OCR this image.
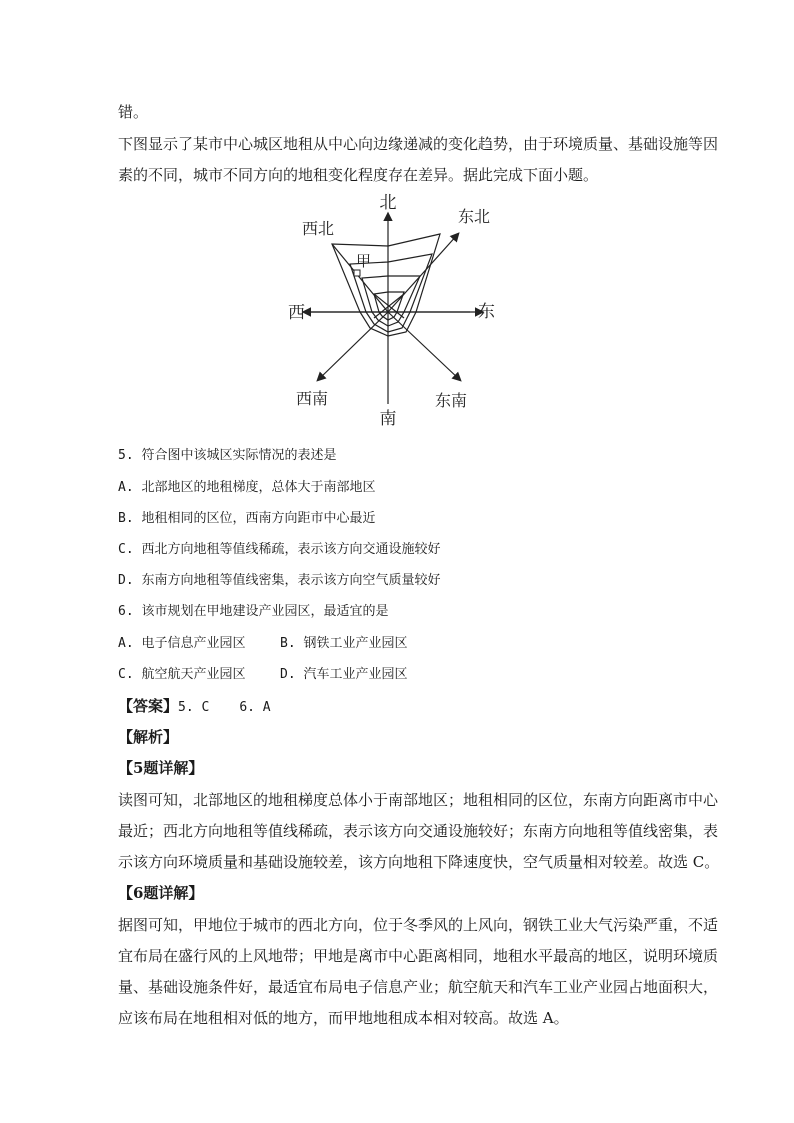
错。
下图显示了某市中心城区地租从中心向边缘递减的变化趋势，由于环境质量、基础设施等因
素的不同，城市不同方向的地租变化程度存在差异。据此完成下面小题。
北
东北
东
东南
南
西南
西
西北
甲
5. 符合图中该城区实际情况的表述是
A. 北部地区的地租梯度，总体大于南部地区
B. 地租相同的区位，西南方向距市中心最近
C. 西北方向地租等值线稀疏，表示该方向交通设施较好
D. 东南方向地租等值线密集，表示该方向空气质量较好
6. 该市规划在甲地建设产业园区，最适宜的是
A. 电子信息产业园区	B. 钢铁工业产业园区
C. 航空航天产业园区	D. 汽车工业产业园区
【答案】5. C 6. A
【解析】
【5题详解】
读图可知，北部地区的地租梯度总体小于南部地区；地租相同的区位，东南方向距离市中心
最近；西北方向地租等值线稀疏，表示该方向交通设施较好；东南方向地租等值线密集，表
示该方向环境质量和基础设施较差，该方向地租下降速度快，空气质量相对较差。故选 C。
【6题详解】
据图可知，甲地位于城市的西北方向，位于冬季风的上风向，钢铁工业大气污染严重，不适
宜布局在盛行风的上风地带；甲地是离市中心距离相同，地租水平最高的地区，说明环境质
量、基础设施条件好，最适宜布局电子信息产业；航空航天和汽车工业产业园占地面积大，
应该布局在地租相对低的地方，而甲地地租成本相对较高。故选 A。
